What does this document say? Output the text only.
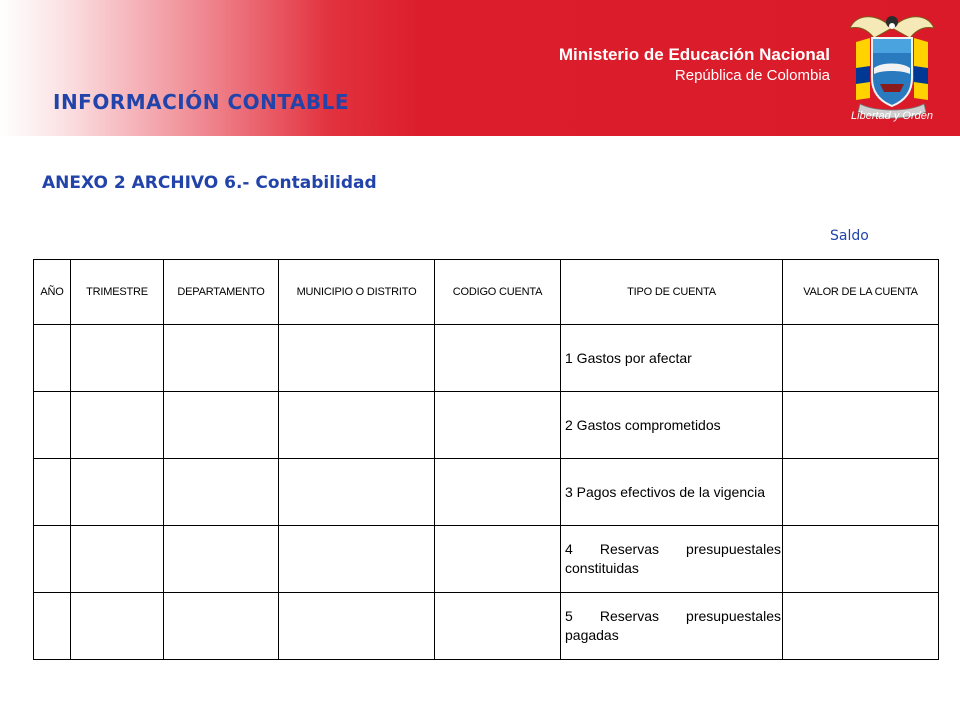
Ministerio de Educación Nacional
República de Colombia
Libertad y Orden
INFORMACIÓN CONTABLE
ANEXO 2 ARCHIVO 6.- Contabilidad
Saldo
AÑO	TRIMESTRE	DEPARTAMENTO	MUNICIPIO O DISTRITO	CODIGO CUENTA	TIPO DE CUENTA	VALOR DE LA CUENTA

					1 Gastos por afectar	

					2 Gastos comprometidos	

					3 Pagos efectivos de la vigencia	

					4 Reservas presupuestales constituidas	

					5 Reservas presupuestales pagadas	
